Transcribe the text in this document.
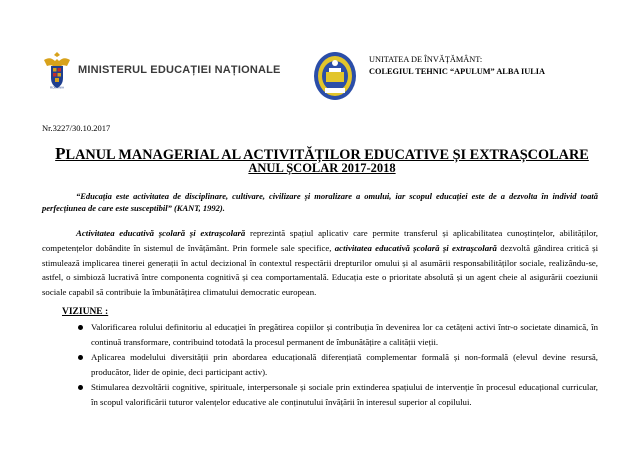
ROMÂNIA
MINISTERUL EDUCAȚIEI NAȚIONALE
UNITATEA DE ÎNVĂȚĂMÂNT:
COLEGIUL TEHNIC “APULUM” ALBA IULIA
Nr.3227/30.10.2017
PLANUL MANAGERIAL AL ACTIVITĂȚILOR EDUCATIVE ȘI EXTRAȘCOLARE
ANUL ȘCOLAR 2017-2018

“Educația este activitatea de disciplinare, cultivare, civilizare și moralizare a omului, iar scopul educației este de a dezvolta în individ toată perfecțiunea de care este susceptibil” (KANT, 1992).

Activitatea educativă școlară și extrașcolară reprezintă spațiul aplicativ care permite transferul și aplicabilitatea cunoștințelor, abilităților, competențelor dobândite în sistemul de învățământ. Prin formele sale specifice, activitatea educativă școlară și extrașcolară dezvoltă gândirea critică și stimulează implicarea tinerei generații în actul decizional în contextul respectării drepturilor omului și al asumării responsabilităților sociale, realizându-se, astfel, o simbioză lucrativă între componenta cognitivă și cea comportamentală. Educația este o prioritate absolută și un agent cheie al asigurării coeziunii sociale capabil să contribuie la îmbunătățirea climatului democratic european.

VIZIUNE :
Valorificarea rolului definitoriu al educației în pregătirea copiilor și contribuția în devenirea lor ca cetățeni activi într-o societate dinamică, în continuă transformare, contribuind totodată la procesul permanent de îmbunătățire a calității vieții.
Aplicarea modelului diversității prin abordarea educațională diferențiată complementar formală și non-formală (elevul devine resursă, producător, lider de opinie, deci participant activ).
Stimularea dezvoltării cognitive, spirituale, interpersonale și sociale prin extinderea spațiului de intervenție în procesul educațional curricular, în scopul valorificării tuturor valențelor educative ale conținutului învățării în interesul superior al copilului.
